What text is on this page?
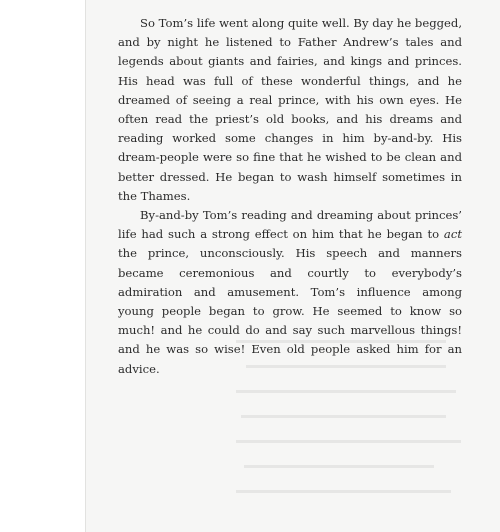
So Tom’s life went along quite well. By day he begged, and by night he listened to Father Andrew’s tales and legends about giants and fairies, and kings and princes. His head was full of these wonderful things, and he dreamed of seeing a real prince, with his own eyes. He often read the priest’s old books, and his dreams and reading worked some changes in him by-and-by. His dream-people were so fine that he wished to be clean and better dressed. He began to wash himself sometimes in the Thames.

By-and-by Tom’s reading and dreaming about princes’ life had such a strong effect on him that he began to act the prince, unconsciously. His speech and manners became ceremonious and courtly to everybody’s admiration and amusement. Tom’s influence among young people began to grow. He seemed to know so much! and he could do and say such marvellous things! and he was so wise! Even old people asked him for an advice.
